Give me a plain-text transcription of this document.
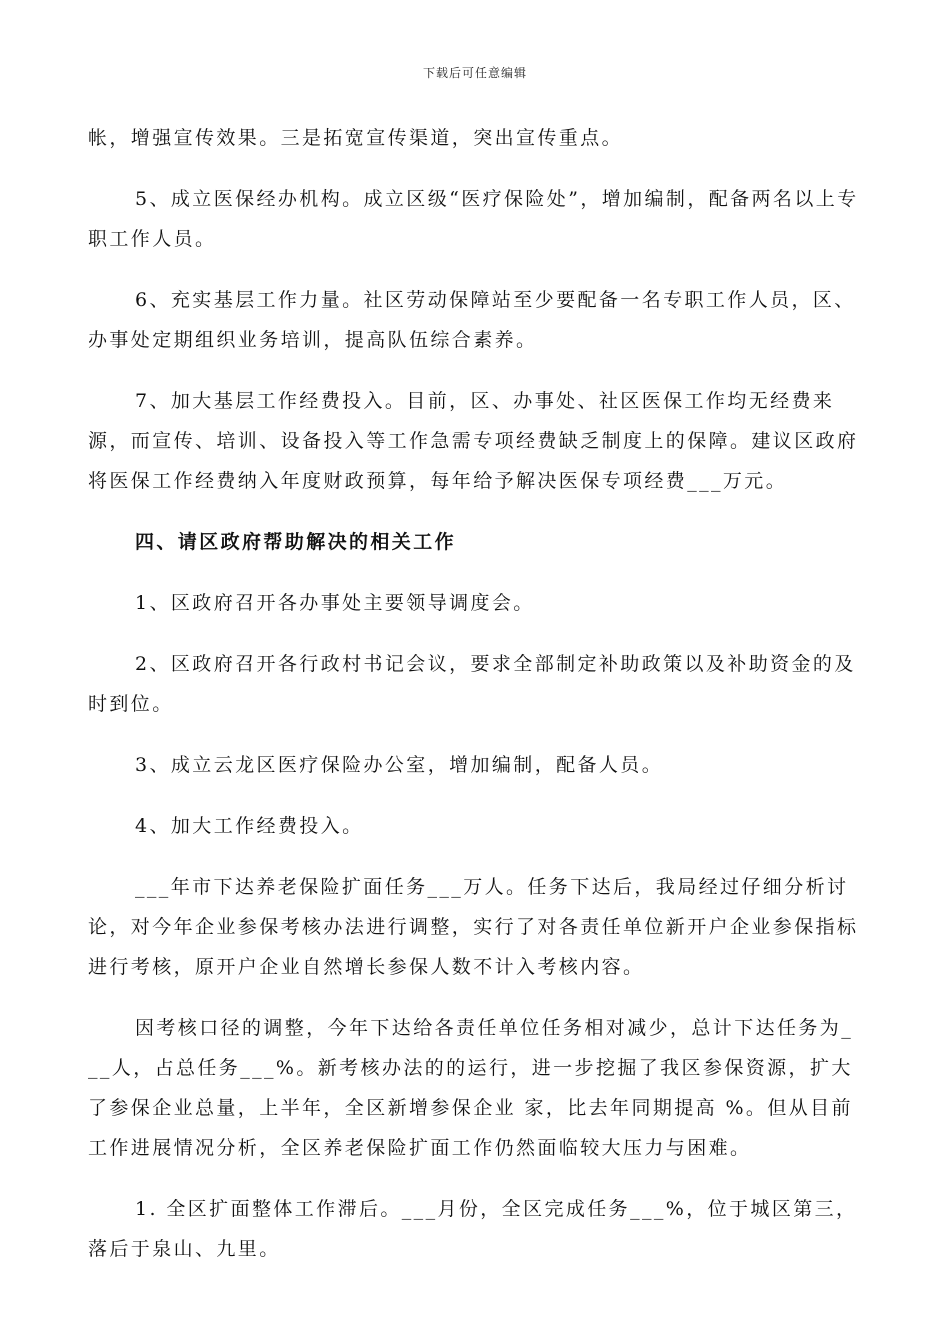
下载后可任意编辑

帐，增强宣传效果。三是拓宽宣传渠道，突出宣传重点。

5、成立医保经办机构。成立区级“医疗保险处”，增加编制，配备两名以上专职工作人员。

6、充实基层工作力量。社区劳动保障站至少要配备一名专职工作人员，区、办事处定期组织业务培训，提高队伍综合素养。

7、加大基层工作经费投入。目前，区、办事处、社区医保工作均无经费来源，而宣传、培训、设备投入等工作急需专项经费缺乏制度上的保障。建议区政府将医保工作经费纳入年度财政预算，每年给予解决医保专项经费___万元。

四、请区政府帮助解决的相关工作

1、区政府召开各办事处主要领导调度会。

2、区政府召开各行政村书记会议，要求全部制定补助政策以及补助资金的及时到位。

3、成立云龙区医疗保险办公室，增加编制，配备人员。

4、加大工作经费投入。

___年市下达养老保险扩面任务___万人。任务下达后，我局经过仔细分析讨论，对今年企业参保考核办法进行调整，实行了对各责任单位新开户企业参保指标进行考核，原开户企业自然增长参保人数不计入考核内容。

因考核口径的调整，今年下达给各责任单位任务相对减少，总计下达任务为___人，占总任务___%。新考核办法的的运行，进一步挖掘了我区参保资源，扩大了参保企业总量，上半年，全区新增参保企业 家，比去年同期提高 %。但从目前工作进展情况分析，全区养老保险扩面工作仍然面临较大压力与困难。

1. 全区扩面整体工作滞后。___月份，全区完成任务___%，位于城区第三，落后于泉山、九里。
